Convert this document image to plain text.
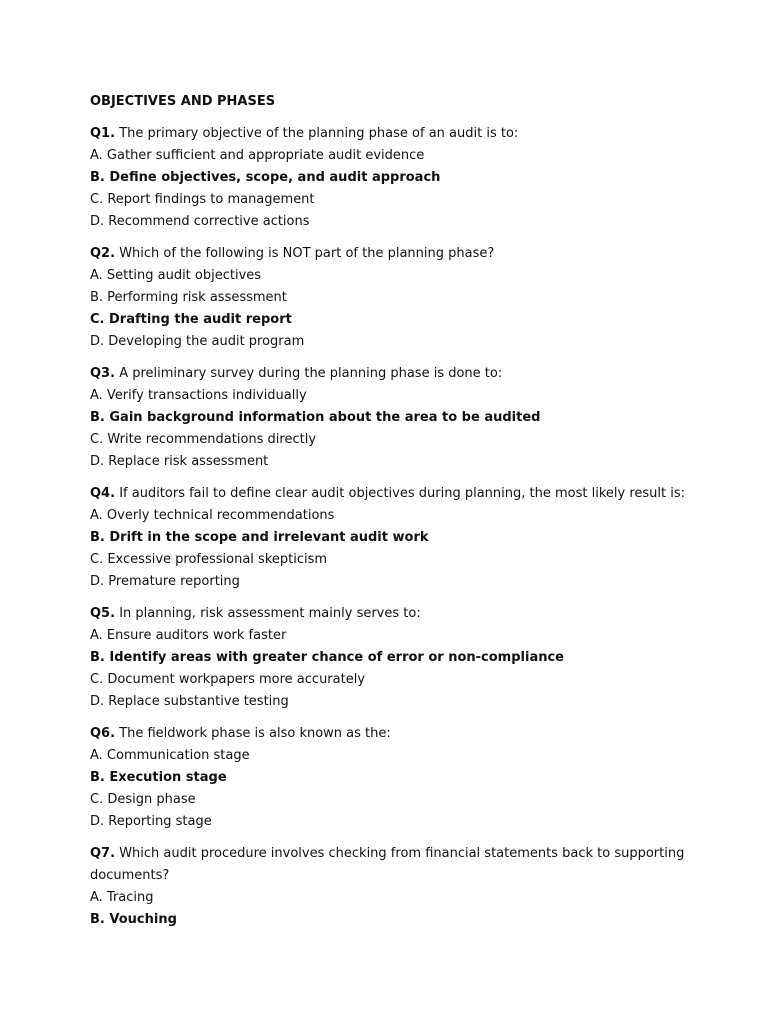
OBJECTIVES AND PHASES
Q1. The primary objective of the planning phase of an audit is to:
A. Gather sufficient and appropriate audit evidence
B. Define objectives, scope, and audit approach
C. Report findings to management
D. Recommend corrective actions
Q2. Which of the following is NOT part of the planning phase?
A. Setting audit objectives
B. Performing risk assessment
C. Drafting the audit report
D. Developing the audit program
Q3. A preliminary survey during the planning phase is done to:
A. Verify transactions individually
B. Gain background information about the area to be audited
C. Write recommendations directly
D. Replace risk assessment
Q4. If auditors fail to define clear audit objectives during planning, the most likely result is:
A. Overly technical recommendations
B. Drift in the scope and irrelevant audit work
C. Excessive professional skepticism
D. Premature reporting
Q5. In planning, risk assessment mainly serves to:
A. Ensure auditors work faster
B. Identify areas with greater chance of error or non-compliance
C. Document workpapers more accurately
D. Replace substantive testing
Q6. The fieldwork phase is also known as the:
A. Communication stage
B. Execution stage
C. Design phase
D. Reporting stage
Q7. Which audit procedure involves checking from financial statements back to supporting documents?
A. Tracing
B. Vouching
